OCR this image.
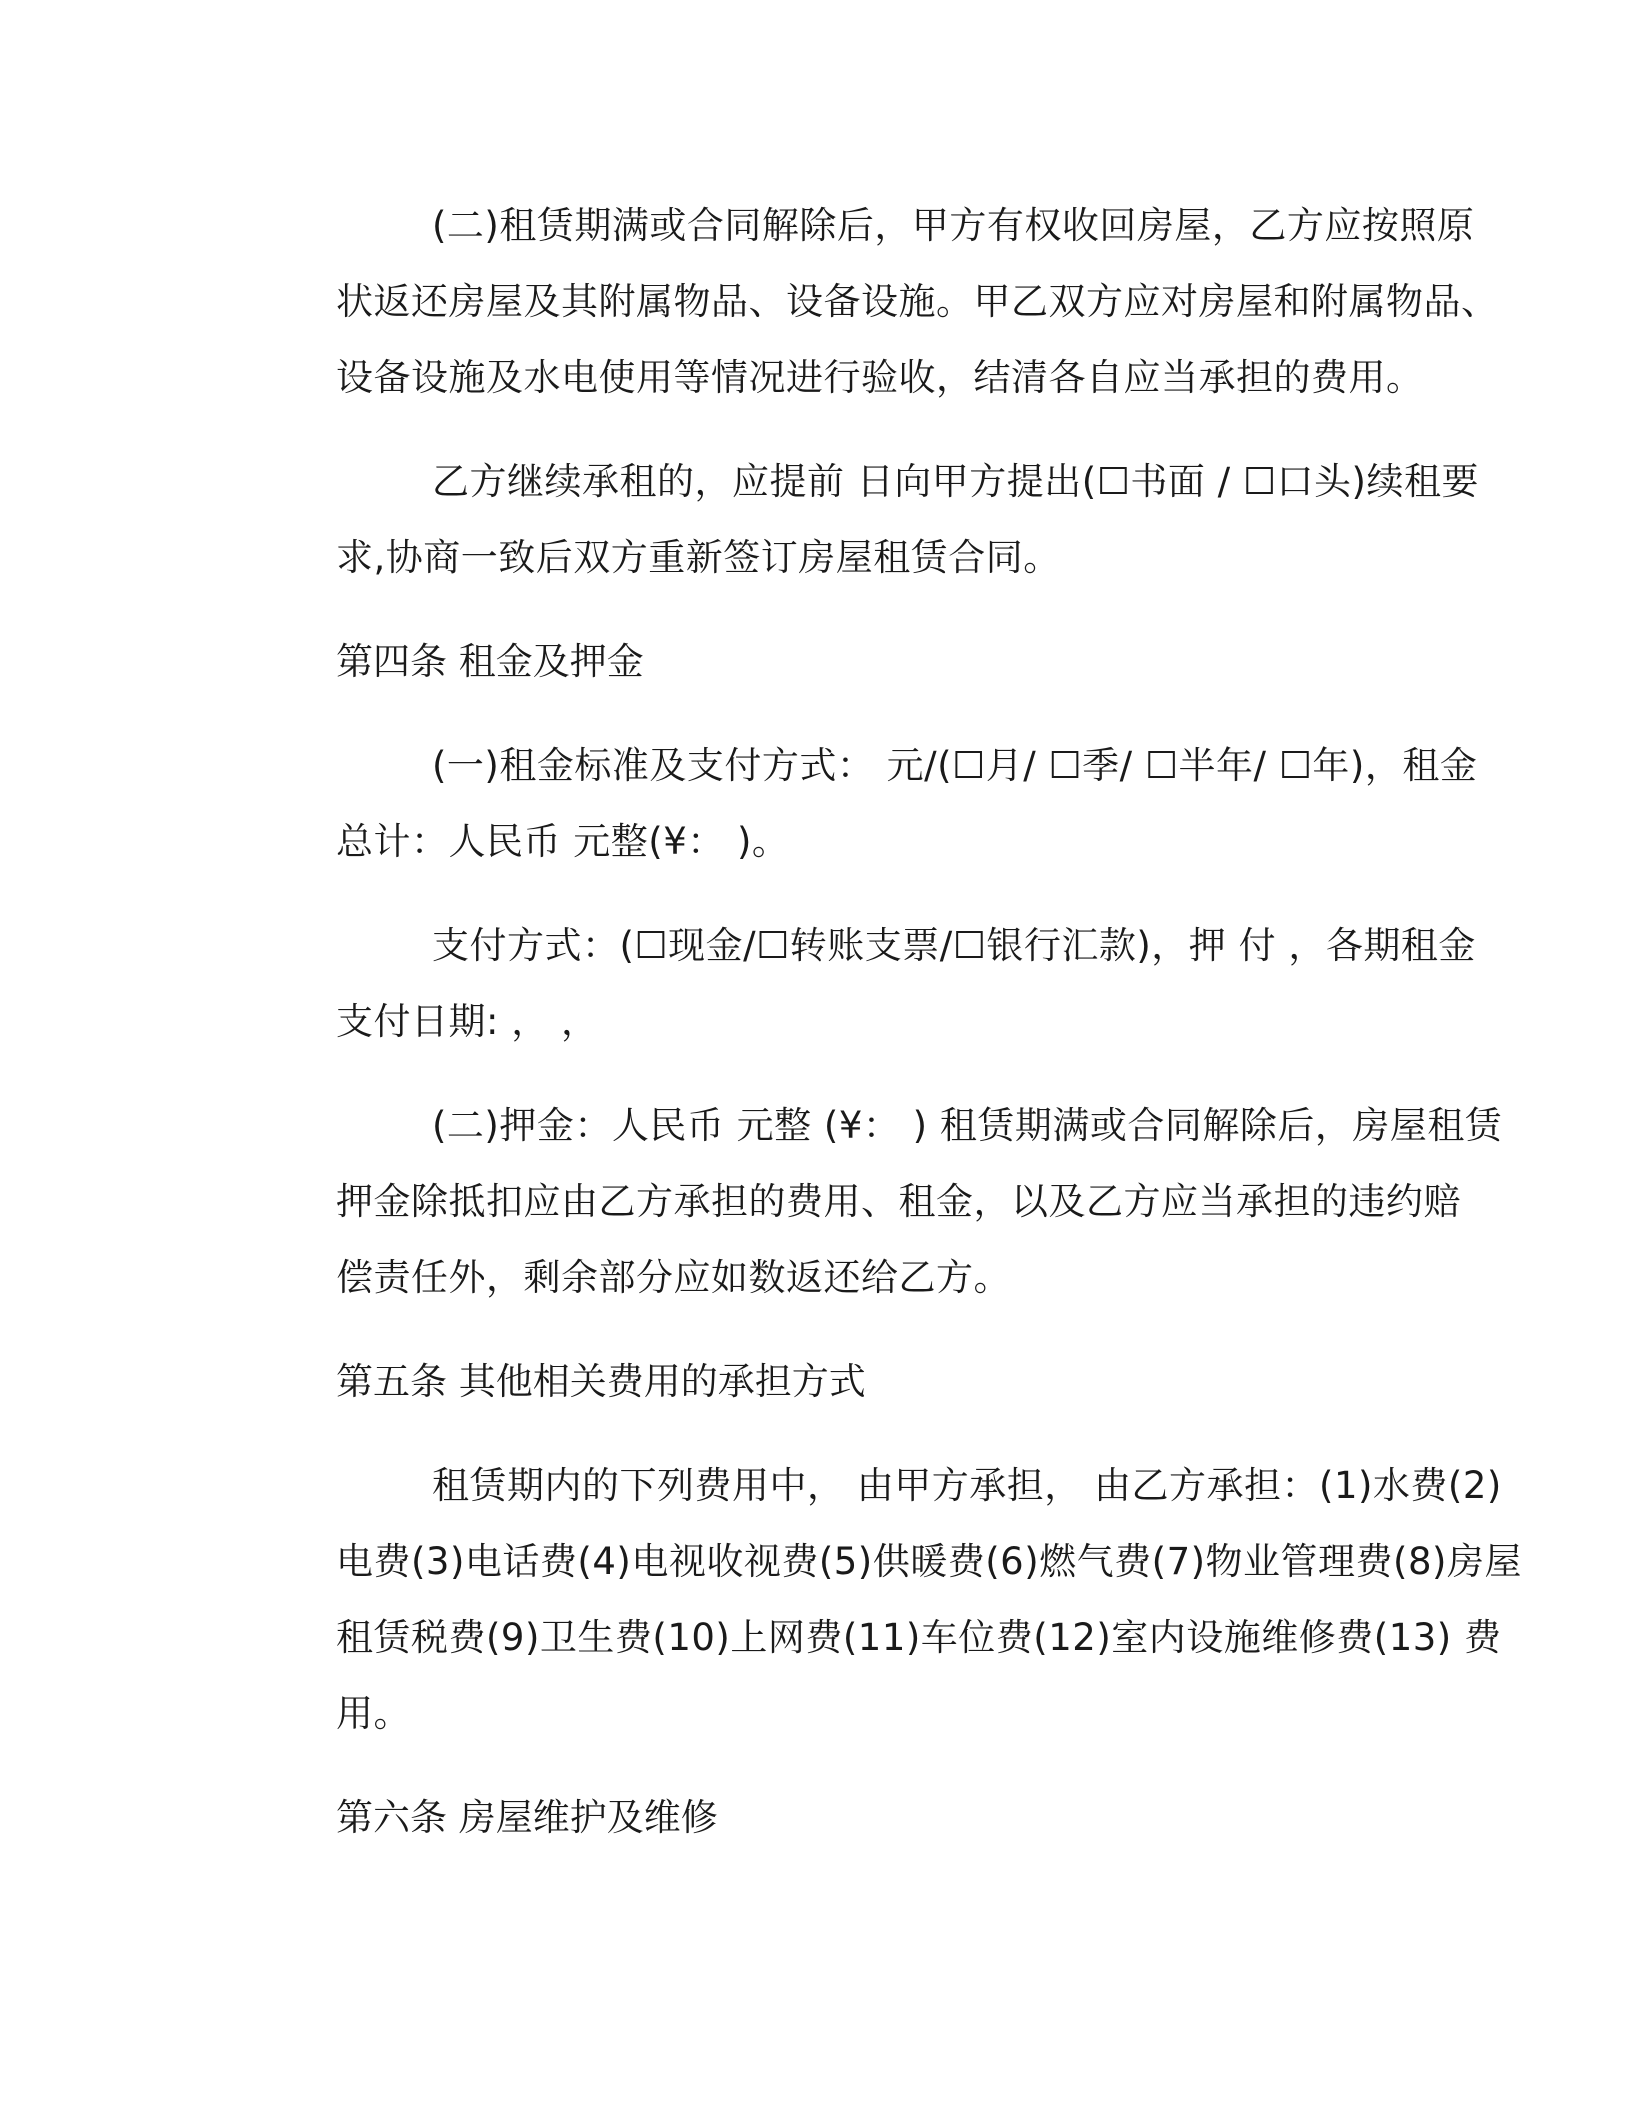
(二)租赁期满或合同解除后，甲方有权收回房屋，乙方应按照原
状返还房屋及其附属物品、设备设施。甲乙双方应对房屋和附属物品、
设备设施及水电使用等情况进行验收，结清各自应当承担的费用。
乙方继续承租的，应提前 日向甲方提出(☐书面 / ☐口头)续租要
求,协商一致后双方重新签订房屋租赁合同。
第四条 租金及押金
(一)租金标准及支付方式： 元/(☐月/ ☐季/ ☐半年/ ☐年)，租金
总计：人民币 元整(¥： )。
支付方式：(☐现金/☐转账支票/☐银行汇款)，押 付 ，各期租金
支付日期: ， ，
(二)押金：人民币 元整 (¥： ) 租赁期满或合同解除后，房屋租赁
押金除抵扣应由乙方承担的费用、租金，以及乙方应当承担的违约赔
偿责任外，剩余部分应如数返还给乙方。
第五条 其他相关费用的承担方式
租赁期内的下列费用中， 由甲方承担， 由乙方承担：(1)水费(2)
电费(3)电话费(4)电视收视费(5)供暖费(6)燃气费(7)物业管理费(8)房屋
租赁税费(9)卫生费(10)上网费(11)车位费(12)室内设施维修费(13) 费
用。
第六条 房屋维护及维修
